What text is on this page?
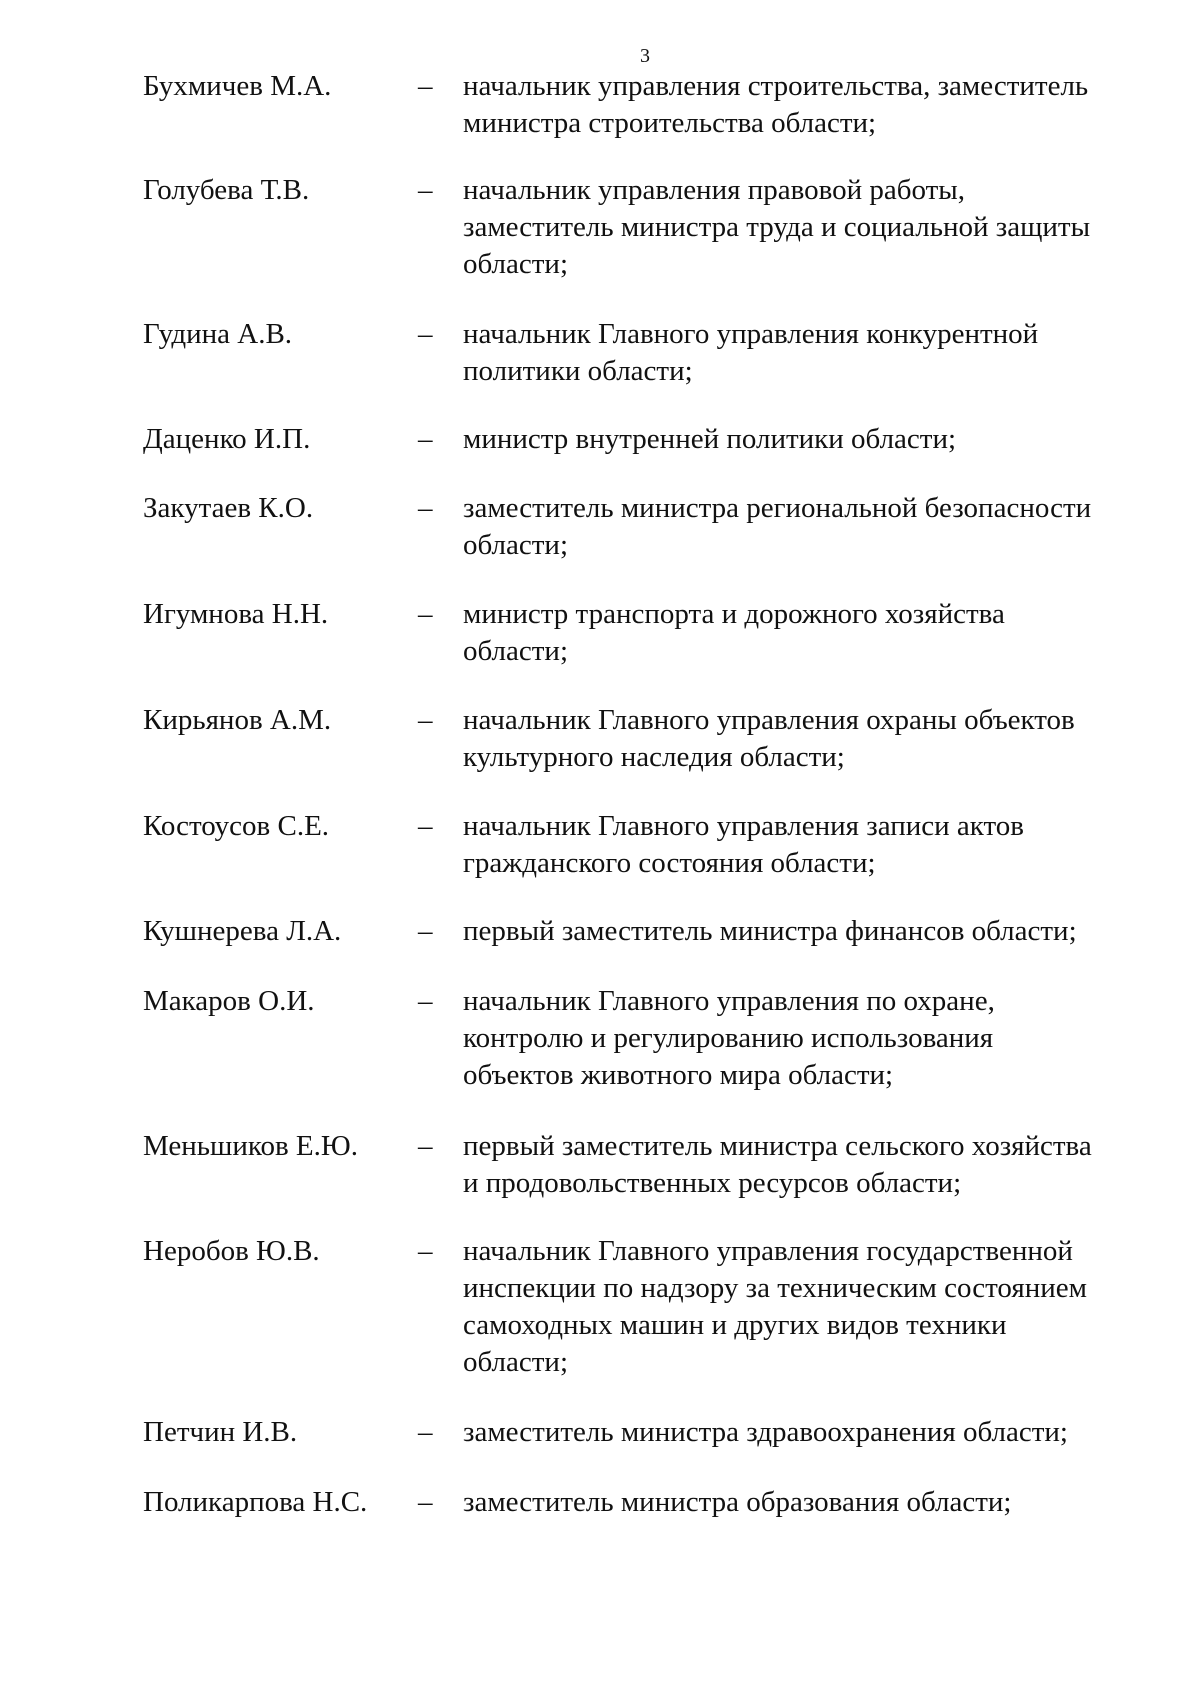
3
Бухмичев М.А.	– начальник управления строительства, заместитель министра строительства области;
Голубева Т.В.	– начальник управления правовой работы, заместитель министра труда и социальной защиты области;
Гудина А.В.	– начальник Главного управления конкурентной политики области;
Даценко И.П.	– министр внутренней политики области;
Закутаев К.О.	– заместитель министра региональной безопасности области;
Игумнова Н.Н.	– министр транспорта и дорожного хозяйства области;
Кирьянов А.М.	– начальник Главного управления охраны объектов культурного наследия области;
Костоусов С.Е.	– начальник Главного управления записи актов гражданского состояния области;
Кушнерева Л.А.	– первый заместитель министра финансов области;
Макаров О.И.	– начальник Главного управления по охране, контролю и регулированию использования объектов животного мира области;
Меньшиков Е.Ю. – первый заместитель министра сельского хозяйства и продовольственных ресурсов области;
Неробов Ю.В.	– начальник Главного управления государственной инспекции по надзору за техническим состоянием самоходных машин и других видов техники области;
Петчин И.В.	– заместитель министра здравоохранения области;
Поликарпова Н.С. – заместитель министра образования области;
